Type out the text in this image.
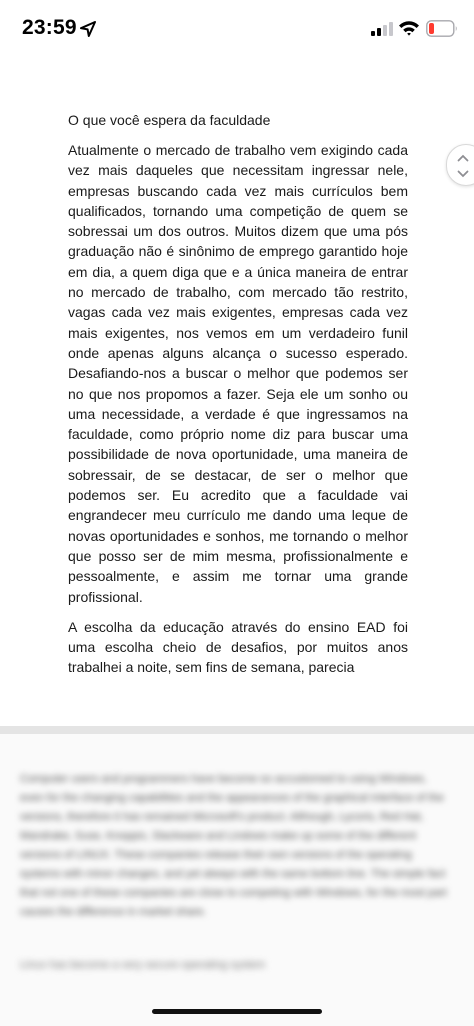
23:59
O que você espera da faculdade

Atualmente o mercado de trabalho vem exigindo cada vez mais daqueles que necessitam ingressar nele, empresas buscando cada vez mais currículos bem qualificados, tornando uma competição de quem se sobressai um dos outros. Muitos dizem que uma pós graduação não é sinônimo de emprego garantido hoje em dia, a quem diga que e a única maneira de entrar no mercado de trabalho, com mercado tão restrito, vagas cada vez mais exigentes, empresas cada vez mais exigentes, nos vemos em um verdadeiro funil onde apenas alguns alcança o sucesso esperado. Desafiando-nos a buscar o melhor que podemos ser no que nos propomos a fazer. Seja ele um sonho ou uma necessidade, a verdade é que ingressamos na faculdade, como próprio nome diz para buscar uma possibilidade de nova oportunidade, uma maneira de sobressair, de se destacar, de ser o melhor que podemos ser. Eu acredito que a faculdade vai engrandecer meu currículo me dando uma leque de novas oportunidades e sonhos, me tornando o melhor que posso ser de mim mesma, profissionalmente e pessoalmente, e assim me tornar uma grande profissional.

A escolha da educação através do ensino EAD foi uma escolha cheio de desafios, por muitos anos trabalhei a noite, sem fins de semana, parecia

Computer users and programmers have become so accustomed to using Windows, even for the changing capabilities and the appearances of the graphical interface of the versions, therefore it has remained Microsoft's product. Although, Lycoris, Red Hat, Mandrake, Suse, Knoppix, Slackware and Lindows make up some of the different versions of LINUX. These companies release their own versions of the operating systems with minor changes, and yet always with the same bottom line. The simple fact that not one of these companies are close to competing with Windows, for the most part causes the difference in market share.
Linux has become a very secure operating system
